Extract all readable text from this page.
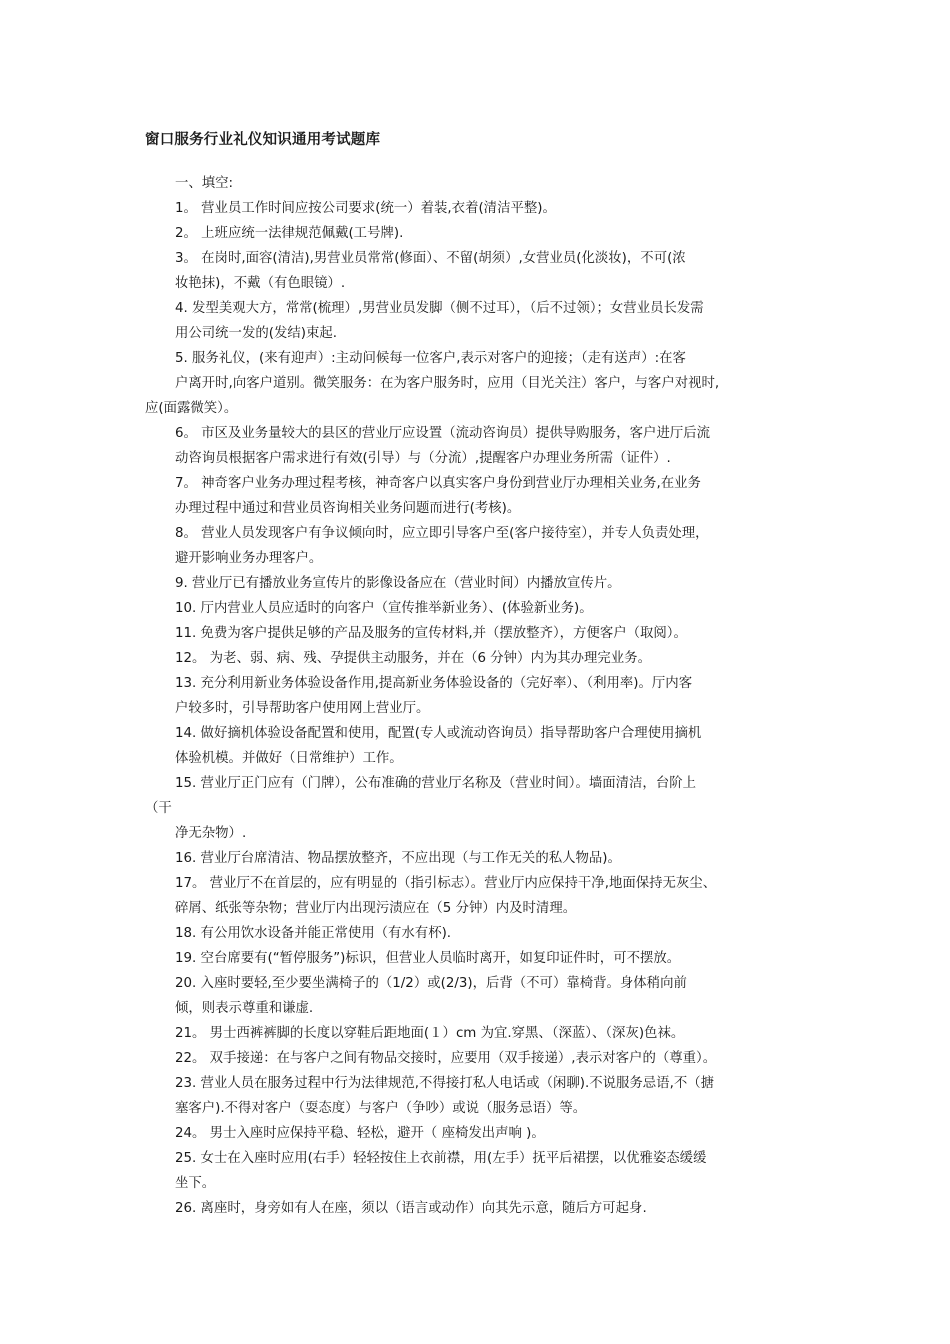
窗口服务行业礼仪知识通用考试题库
一、填空:
1。 营业员工作时间应按公司要求(统一）着装,衣着(清洁平整)。
2。 上班应统一法律规范佩戴(工号牌).
3。 在岗时,面容(清洁),男营业员常常(修面）、不留(胡须）,女营业员(化淡妆)，不可(浓
妆艳抹)，不戴（有色眼镜）.
4. 发型美观大方，常常(梳理）,男营业员发脚（侧不过耳），（后不过领）；女营业员长发需
用公司统一发的(发结)束起.
5. 服务礼仪，(来有迎声）:主动问候每一位客户,表示对客户的迎接；（走有送声）:在客
户离开时,向客户道别。微笑服务：在为客户服务时，应用（目光关注）客户，与客户对视时,
应(面露微笑）。
6。 市区及业务量较大的县区的营业厅应设置（流动咨询员）提供导购服务，客户进厅后流
动咨询员根据客户需求进行有效(引导）与（分流）,提醒客户办理业务所需（证件）.
7。 神奇客户业务办理过程考核，神奇客户以真实客户身份到营业厅办理相关业务,在业务
办理过程中通过和营业员咨询相关业务问题而进行(考核)。
8。 营业人员发现客户有争议倾向时，应立即引导客户至(客户接待室），并专人负责处理，
避开影响业务办理客户。
9. 营业厅已有播放业务宣传片的影像设备应在（营业时间）内播放宣传片。
10. 厅内营业人员应适时的向客户（宣传推举新业务）、(体验新业务)。
11. 免费为客户提供足够的产品及服务的宣传材料,并（摆放整齐），方便客户（取阅）。
12。 为老、弱、病、残、孕提供主动服务，并在（6 分钟）内为其办理完业务。
13. 充分利用新业务体验设备作用,提高新业务体验设备的（完好率）、（利用率)。厅内客
户较多时，引导帮助客户使用网上营业厅。
14. 做好摘机体验设备配置和使用，配置(专人或流动咨询员）指导帮助客户合理使用摘机
体验机模。并做好（日常维护）工作。
15. 营业厅正门应有（门牌），公布准确的营业厅名称及（营业时间）。墙面清洁，台阶上
（干
净无杂物）.
16. 营业厅台席清洁、物品摆放整齐，不应出现（与工作无关的私人物品)。
17。 营业厅不在首层的，应有明显的（指引标志）。营业厅内应保持干净,地面保持无灰尘、
碎屑、纸张等杂物；营业厅内出现污渍应在（5 分钟）内及时清理。
18. 有公用饮水设备并能正常使用（有水有杯).
19. 空台席要有(“暂停服务”)标识，但营业人员临时离开，如复印证件时，可不摆放。
20. 入座时要轻,至少要坐满椅子的（1/2）或(2/3)，后背（不可）靠椅背。身体稍向前
倾，则表示尊重和谦虚.
21。 男士西裤裤脚的长度以穿鞋后距地面(１）cm 为宜.穿黑、（深蓝）、（深灰)色袜。
22。 双手接递：在与客户之间有物品交接时，应要用（双手接递）,表示对客户的（尊重）。
23. 营业人员在服务过程中行为法律规范,不得接打私人电话或（闲聊).不说服务忌语,不（搪
塞客户).不得对客户（耍态度）与客户（争吵）或说（服务忌语）等。
24。 男士入座时应保持平稳、轻松，避开（ 座椅发出声响 )。
25. 女士在入座时应用(右手）轻轻按住上衣前襟，用(左手）抚平后裙摆，以优雅姿态缓缓
坐下。
26. 离座时，身旁如有人在座，须以（语言或动作）向其先示意，随后方可起身.
